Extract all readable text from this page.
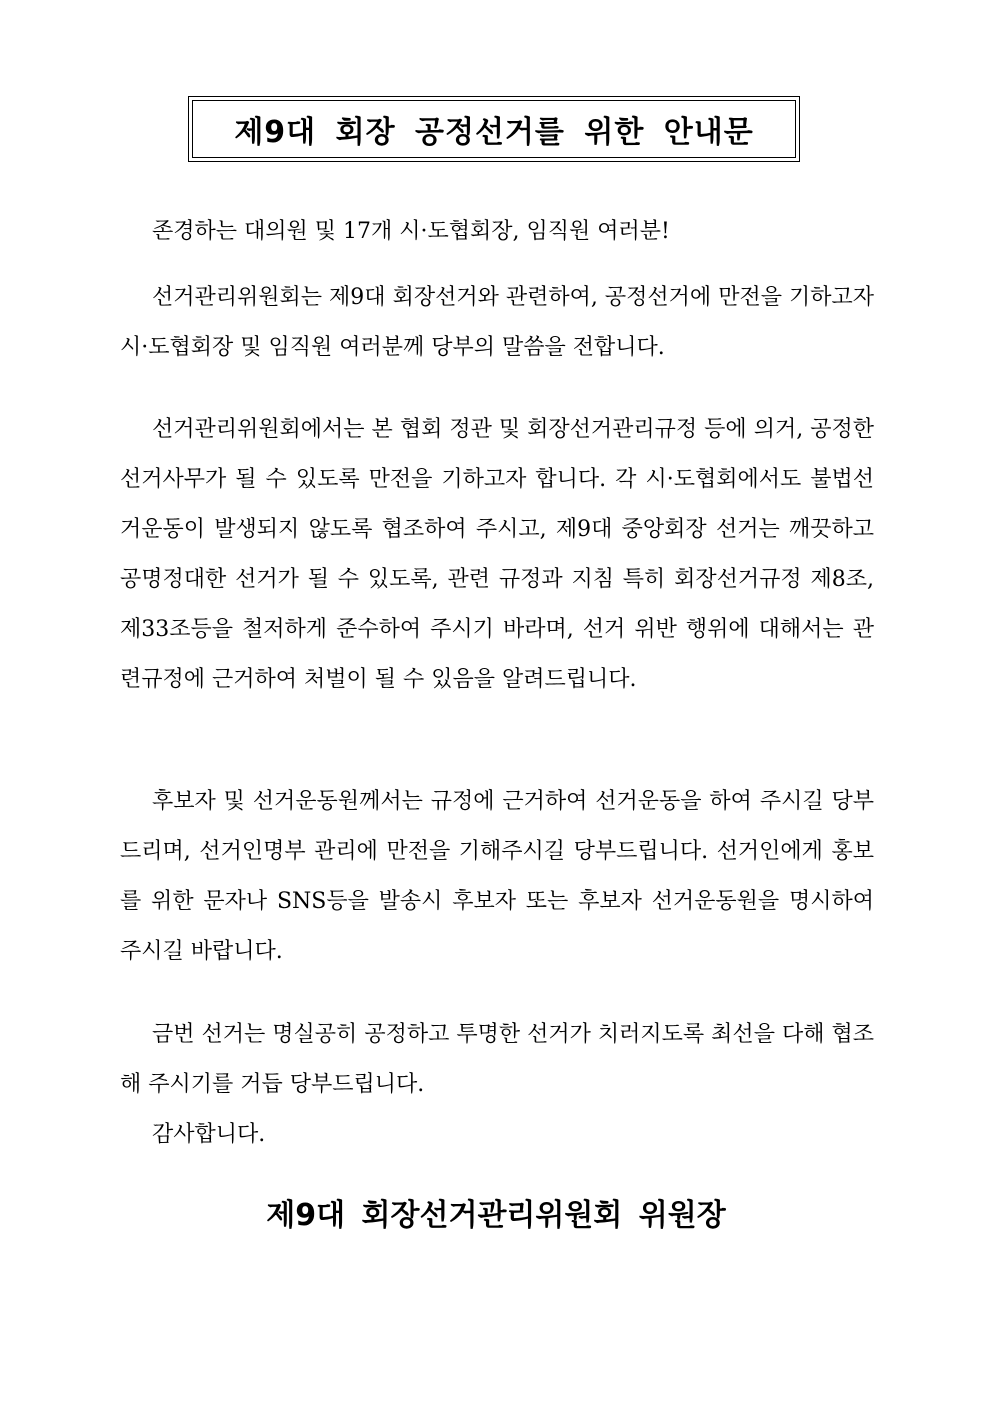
제9대 회장 공정선거를 위한 안내문

존경하는 대의원 및 17개 시·도협회장, 임직원 여러분!

선거관리위원회는 제9대 회장선거와 관련하여, 공정선거에 만전을 기하고자 시·도협회장 및 임직원 여러분께 당부의 말씀을 전합니다.

선거관리위원회에서는 본 협회 정관 및 회장선거관리규정 등에 의거, 공정한 선거사무가 될 수 있도록 만전을 기하고자 합니다. 각 시·도협회에서도 불법선거운동이 발생되지 않도록 협조하여 주시고, 제9대 중앙회장 선거는 깨끗하고 공명정대한 선거가 될 수 있도록, 관련 규정과 지침 특히 회장선거규정 제8조, 제33조등을 철저하게 준수하여 주시기 바라며, 선거 위반 행위에 대해서는 관련규정에 근거하여 처벌이 될 수 있음을 알려드립니다.

후보자 및 선거운동원께서는 규정에 근거하여 선거운동을 하여 주시길 당부드리며, 선거인명부 관리에 만전을 기해주시길 당부드립니다. 선거인에게 홍보를 위한 문자나 SNS등을 발송시 후보자 또는 후보자 선거운동원을 명시하여 주시길 바랍니다.

금번 선거는 명실공히 공정하고 투명한 선거가 치러지도록 최선을 다해 협조해 주시기를 거듭 당부드립니다.

감사합니다.

제9대 회장선거관리위원회 위원장
